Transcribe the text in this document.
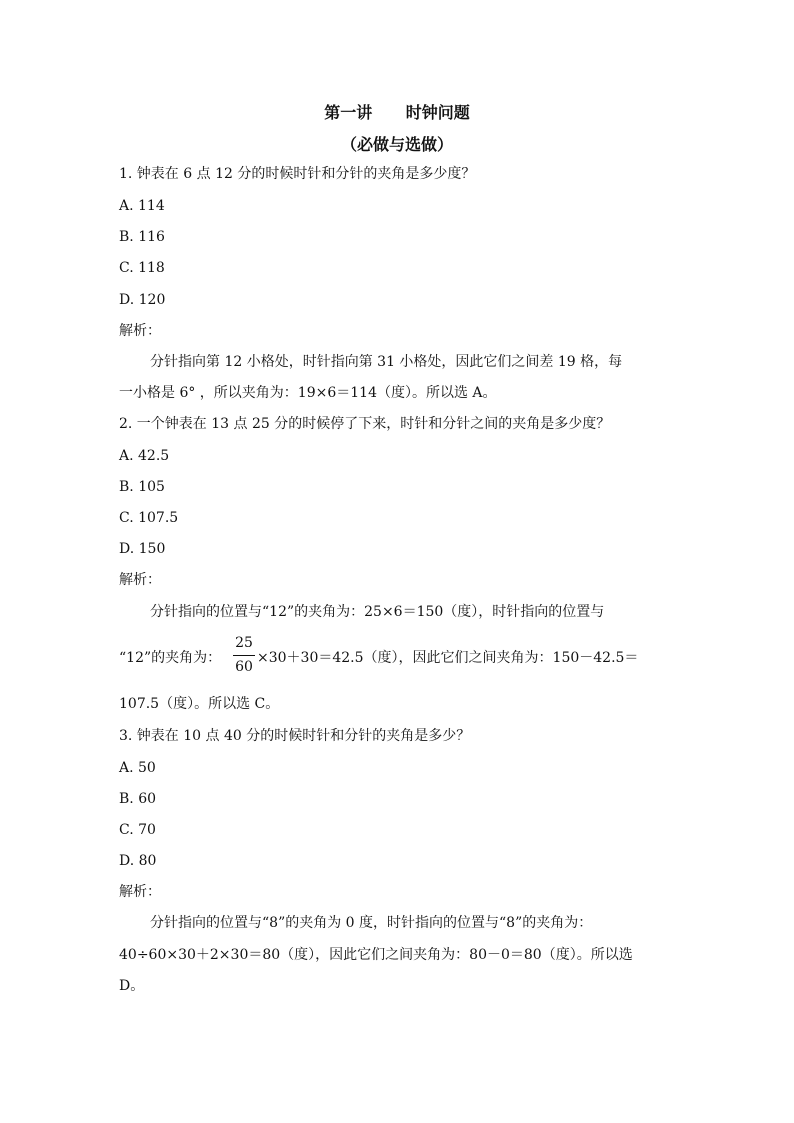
第一讲      时钟问题
（必做与选做）
1. 钟表在 6 点 12 分的时候时针和分针的夹角是多少度？
A. 114
B. 116
C. 118
D. 120
解析：
分针指向第 12 小格处，时针指向第 31 小格处，因此它们之间差 19 格，每
一小格是 6° ，所以夹角为：19×6＝114（度）。所以选 A。
2. 一个钟表在 13 点 25 分的时候停了下来，时针和分针之间的夹角是多少度？
A. 42.5
B. 105
C. 107.5
D. 150
解析：
分针指向的位置与“12”的夹角为：25×6＝150（度），时针指向的位置与
“12”的夹角为：
25
60
×30＋30＝42.5（度），因此它们之间夹角为：150－42.5＝
107.5（度）。所以选 C。
3. 钟表在 10 点 40 分的时候时针和分针的夹角是多少？
A. 50
B. 60
C. 70
D. 80
解析：
分针指向的位置与“8”的夹角为 0 度，时针指向的位置与“8”的夹角为：
40÷60×30＋2×30＝80（度），因此它们之间夹角为：80－0＝80（度）。所以选
D。
